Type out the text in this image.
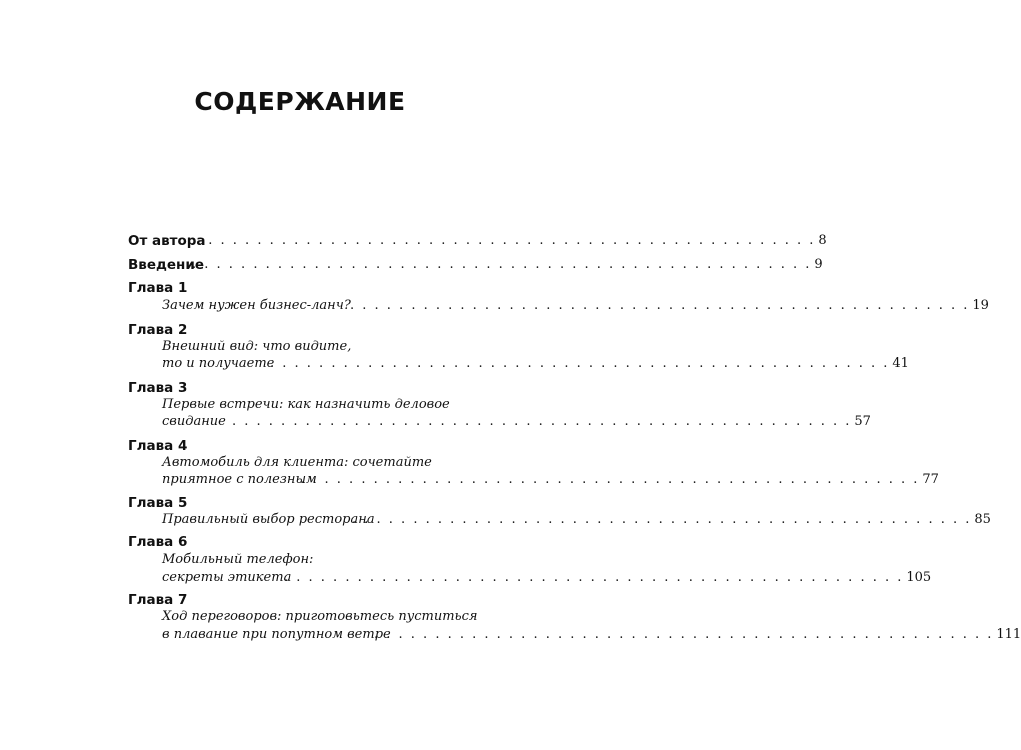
СОДЕРЖАНИЕ
От автора
. . . . . . . . . . . . . . . . . . . . . . . . . . . . . . . . . . . . . . . . . . . . . . . . . . . 8
Введение
. . . . . . . . . . . . . . . . . . . . . . . . . . . . . . . . . . . . . . . . . . . . . . . . . . . 9
Глава 1
Зачем нужен бизнес-ланч? . . . . . . . . . . . . . . . . . . . . . . . . . . . . . . . . . . . . . . . . . . . . . . . . . . . 19
Глава 2
Внешний вид: что видите,
то и получаете
. . . . . . . . . . . . . . . . . . . . . . . . . . . . . . . . . . . . . . . . . . . . . . . . . . . 41
Глава 3
Первые встречи: как назначить деловое
свидание . . . . . . . . . . . . . . . . . . . . . . . . . . . . . . . . . . . . . . . . . . . . . . . . . . . 57
Глава 4
Автомобиль для клиента: сочетайте
приятное с полезным
. . . . . . . . . . . . . . . . . . . . . . . . . . . . . . . . . . . . . . . . . . . . . . . . . . . 77
Глава 5
Правильный выбор ресторана
. . . . . . . . . . . . . . . . . . . . . . . . . . . . . . . . . . . . . . . . . . . . . . . . . . . 85
Глава 6
Мобильный телефон:
секреты этикета
. . . . . . . . . . . . . . . . . . . . . . . . . . . . . . . . . . . . . . . . . . . . . . . . . . . 105
Глава 7
Ход переговоров: приготовьтесь пуститься
в плавание при попутном ветре
. . . . . . . . . . . . . . . . . . . . . . . . . . . . . . . . . . . . . . . . . . . . . . . . . . . 111
